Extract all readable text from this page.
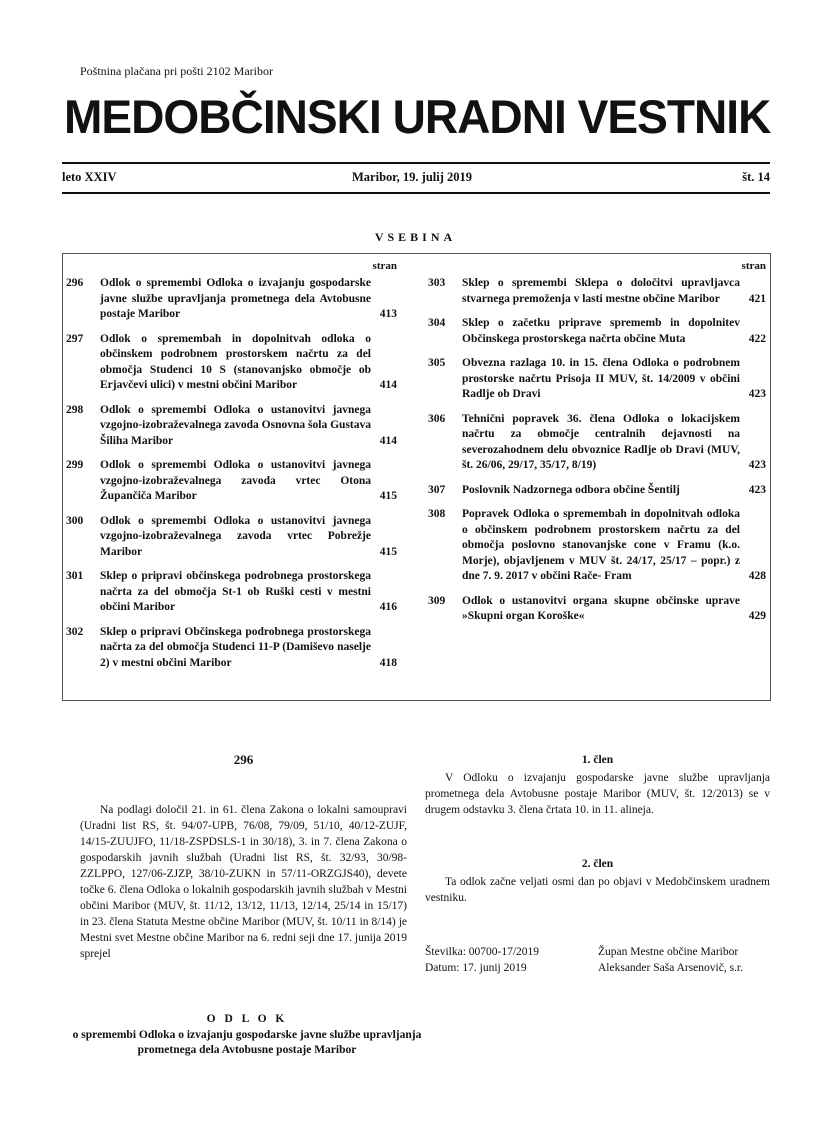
Poštnina plačana pri pošti 2102 Maribor
MEDOBČINSKI URADNI VESTNIK
leto XXIV	Maribor, 19. julij 2019	št. 14
VSEBINA
stran
296	Odlok o spremembi Odloka o izvajanju gospodarske javne službe upravljanja prometnega dela Avtobusne postaje Maribor	413
297	Odlok o spremembah in dopolnitvah odloka o občinskem podrobnem prostorskem načrtu za del območja Studenci 10 S (stanovanjsko območje ob Erjavčevi ulici) v mestni občini Maribor	414
298	Odlok o spremembi Odloka o ustanovitvi javnega vzgojno-izobraževalnega zavoda Osnovna šola Gustava Šiliha Maribor	414
299	Odlok o spremembi Odloka o ustanovitvi javnega vzgojno-izobraževalnega zavoda vrtec Otona Župančiča Maribor	415
300	Odlok o spremembi Odloka o ustanovitvi javnega vzgojno-izobraževalnega zavoda vrtec Pobrežje Maribor	415
301	Sklep o pripravi občinskega podrobnega prostorskega načrta za del območja St-1 ob Ruški cesti v mestni občini Maribor	416
302	Sklep o pripravi Občinskega podrobnega prostorskega načrta za del območja Studenci 11-P (Damiševo naselje 2) v mestni občini Maribor	418
stran
303	Sklep o spremembi Sklepa o določitvi upravljavca stvarnega premoženja v lasti mestne občine Maribor	421
304	Sklep o začetku priprave sprememb in dopolnitev Občinskega prostorskega načrta občine Muta	422
305	Obvezna razlaga 10. in 15. člena Odloka o podrobnem prostorske načrtu Prisoja II MUV, št. 14/2009 v občini Radlje ob Dravi	423
306	Tehnični popravek 36. člena Odloka o lokacijskem načrtu za območje centralnih dejavnosti na severozahodnem delu obvoznice Radlje ob Dravi (MUV, št. 26/06, 29/17, 35/17, 8/19)	423
307	Poslovnik Nadzornega odbora občine Šentilj	423
308	Popravek Odloka o spremembah in dopolnitvah odloka o občinskem podrobnem prostorskem načrtu za del območja poslovno stanovanjske cone v Framu (k.o. Morje), objavljenem v MUV št. 24/17, 25/17 – popr.) z dne 7. 9. 2017 v občini Rače- Fram	428
309	Odlok o ustanovitvi organa skupne občinske uprave »Skupni organ Koroške«	429
296

Na podlagi določil 21. in 61. člena Zakona o lokalni samoupravi (Uradni list RS, št. 94/07-UPB, 76/08, 79/09, 51/10, 40/12-ZUJF, 14/15-ZUUJFO, 11/18-ZSPDSLS-1 in 30/18), 3. in 7. člena Zakona o gospodarskih javnih službah (Uradni list RS, št. 32/93, 30/98-ZZLPPO, 127/06-ZJZP, 38/10-ZUKN in 57/11-ORZGJS40), devete točke 6. člena Odloka o lokalnih gospodarskih javnih službah v Mestni občini Maribor (MUV, št. 11/12, 13/12, 11/13, 12/14, 25/14 in 15/17) in 23. člena Statuta Mestne občine Maribor (MUV, št. 10/11 in 8/14) je Mestni svet Mestne občine Maribor na 6. redni seji dne 17. junija 2019 sprejel

O D L O K
o spremembi Odloka o izvajanju gospodarske javne službe upravljanja prometnega dela Avtobusne postaje Maribor
1. člen

V Odloku o izvajanju gospodarske javne službe upravljanja prometnega dela Avtobusne postaje Maribor (MUV, št. 12/2013) se v drugem odstavku 3. člena črtata 10. in 11. alineja.

2. člen

Ta odlok začne veljati osmi dan po objavi v Medobčinskem uradnem vestniku.

Številka: 00700-17/2019	Župan Mestne občine Maribor
Datum: 17. junij 2019	Aleksander Saša Arsenovič, s.r.
